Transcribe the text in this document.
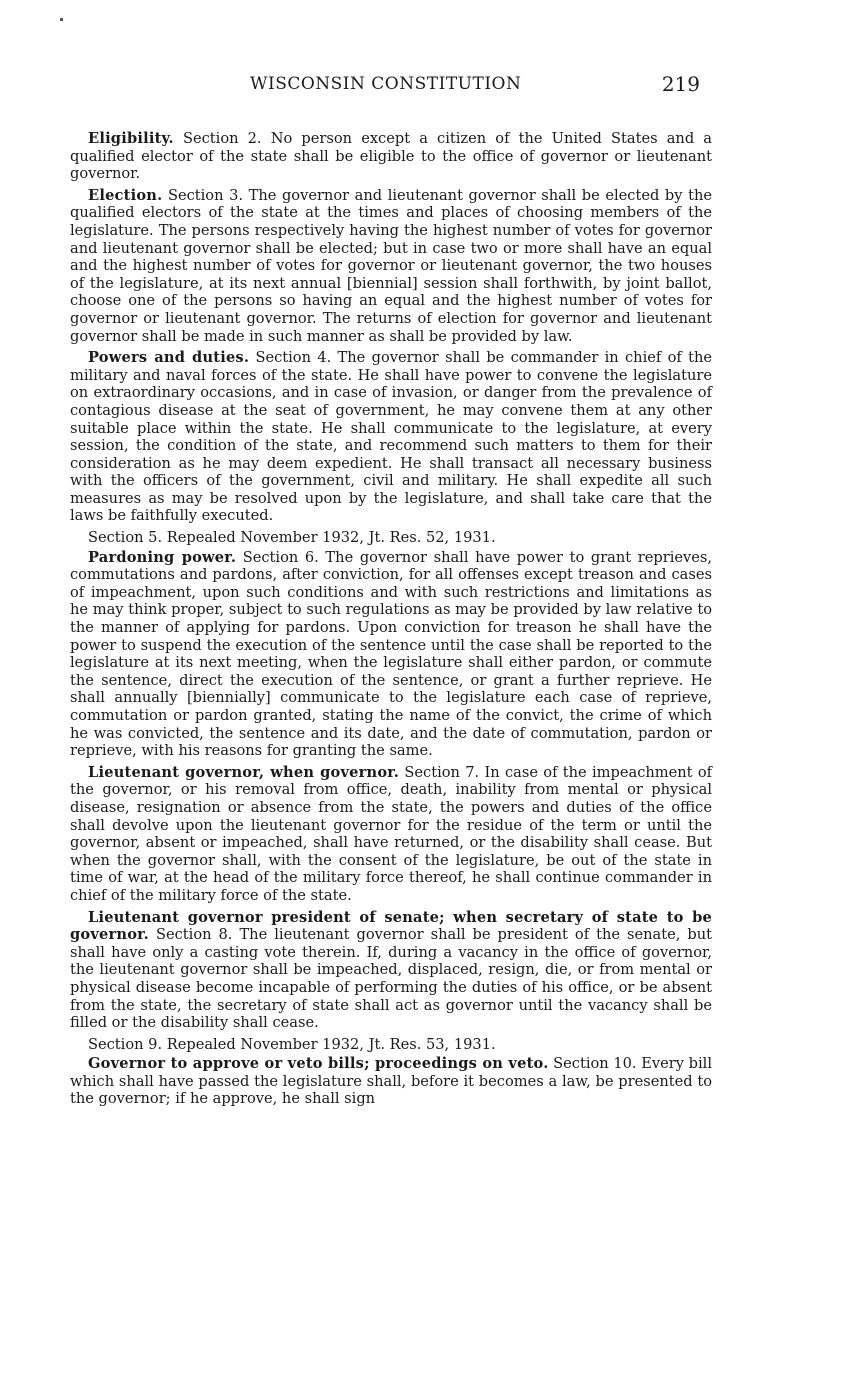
WISCONSIN CONSTITUTION	219

Eligibility. Section 2. No person except a citizen of the United States and a qualified elector of the state shall be eligible to the office of governor or lieutenant governor.

Election. Section 3. The governor and lieutenant governor shall be elected by the qualified electors of the state at the times and places of choosing members of the legislature. The persons respectively having the highest number of votes for governor and lieutenant governor shall be elected; but in case two or more shall have an equal and the highest number of votes for governor or lieutenant governor, the two houses of the legislature, at its next annual [biennial] session shall forthwith, by joint ballot, choose one of the persons so having an equal and the highest number of votes for governor or lieutenant governor. The returns of election for governor and lieutenant governor shall be made in such manner as shall be provided by law.

Powers and duties. Section 4. The governor shall be commander in chief of the military and naval forces of the state. He shall have power to convene the legislature on extraordinary occasions, and in case of invasion, or danger from the prevalence of contagious disease at the seat of government, he may convene them at any other suitable place within the state. He shall communicate to the legislature, at every session, the condition of the state, and recommend such matters to them for their consideration as he may deem expedient. He shall transact all necessary business with the officers of the government, civil and military. He shall expedite all such measures as may be resolved upon by the legislature, and shall take care that the laws be faithfully executed.

Section 5. Repealed November 1932, Jt. Res. 52, 1931.

Pardoning power. Section 6. The governor shall have power to grant reprieves, commutations and pardons, after conviction, for all offenses except treason and cases of impeachment, upon such conditions and with such restrictions and limitations as he may think proper, subject to such regulations as may be provided by law relative to the manner of applying for pardons. Upon conviction for treason he shall have the power to suspend the execution of the sentence until the case shall be reported to the legislature at its next meeting, when the legislature shall either pardon, or commute the sentence, direct the execution of the sentence, or grant a further reprieve. He shall annually [biennially] communicate to the legislature each case of reprieve, commutation or pardon granted, stating the name of the convict, the crime of which he was convicted, the sentence and its date, and the date of commutation, pardon or reprieve, with his reasons for granting the same.

Lieutenant governor, when governor. Section 7. In case of the impeachment of the governor, or his removal from office, death, inability from mental or physical disease, resignation or absence from the state, the powers and duties of the office shall devolve upon the lieutenant governor for the residue of the term or until the governor, absent or impeached, shall have returned, or the disability shall cease. But when the governor shall, with the consent of the legislature, be out of the state in time of war, at the head of the military force thereof, he shall continue commander in chief of the military force of the state.

Lieutenant governor president of senate; when secretary of state to be governor. Section 8. The lieutenant governor shall be president of the senate, but shall have only a casting vote therein. If, during a vacancy in the office of governor, the lieutenant governor shall be impeached, displaced, resign, die, or from mental or physical disease become incapable of performing the duties of his office, or be absent from the state, the secretary of state shall act as governor until the vacancy shall be filled or the disability shall cease.

Section 9. Repealed November 1932, Jt. Res. 53, 1931.

Governor to approve or veto bills; proceedings on veto. Section 10. Every bill which shall have passed the legislature shall, before it becomes a law, be presented to the governor; if he approve, he shall sign
